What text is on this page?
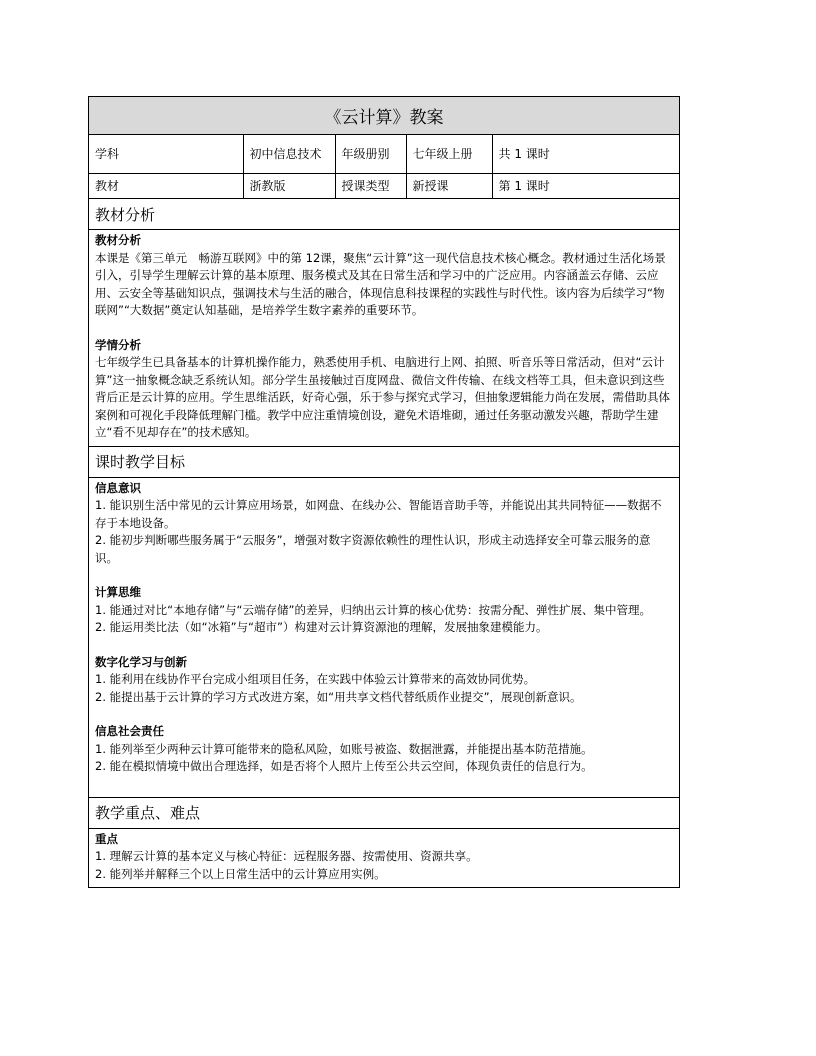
《云计算》教案
学科	初中信息技术	年级册别	七年级上册	共 1 课时
教材	浙教版	授课类型	新授课	第 1 课时
教材分析
教材分析

本课是《第三单元　畅游互联网》中的第 12课，聚焦“云计算”这一现代信息技术核心概念。教材通过生活化场景引入，引导学生理解云计算的基本原理、服务模式及其在日常生活和学习中的广泛应用。内容涵盖云存储、云应用、云安全等基础知识点，强调技术与生活的融合，体现信息科技课程的实践性与时代性。该内容为后续学习“物联网”“大数据”奠定认知基础，是培养学生数字素养的重要环节。

学情分析

七年级学生已具备基本的计算机操作能力，熟悉使用手机、电脑进行上网、拍照、听音乐等日常活动，但对“云计算”这一抽象概念缺乏系统认知。部分学生虽接触过百度网盘、微信文件传输、在线文档等工具，但未意识到这些背后正是云计算的应用。学生思维活跃，好奇心强，乐于参与探究式学习，但抽象逻辑能力尚在发展，需借助具体案例和可视化手段降低理解门槛。教学中应注重情境创设，避免术语堆砌，通过任务驱动激发兴趣，帮助学生建立“看不见却存在”的技术感知。

课时教学目标
信息意识

1. 能识别生活中常见的云计算应用场景，如网盘、在线办公、智能语音助手等，并能说出其共同特征——数据不存于本地设备。

2. 能初步判断哪些服务属于“云服务”，增强对数字资源依赖性的理性认识，形成主动选择安全可靠云服务的意识。

计算思维

1. 能通过对比“本地存储”与“云端存储”的差异，归纳出云计算的核心优势：按需分配、弹性扩展、集中管理。

2. 能运用类比法（如“冰箱”与“超市”）构建对云计算资源池的理解，发展抽象建模能力。

数字化学习与创新

1. 能利用在线协作平台完成小组项目任务，在实践中体验云计算带来的高效协同优势。

2. 能提出基于云计算的学习方式改进方案，如“用共享文档代替纸质作业提交”，展现创新意识。

信息社会责任

1. 能列举至少两种云计算可能带来的隐私风险，如账号被盗、数据泄露，并能提出基本防范措施。

2. 能在模拟情境中做出合理选择，如是否将个人照片上传至公共云空间，体现负责任的信息行为。

教学重点、难点
重点

1. 理解云计算的基本定义与核心特征：远程服务器、按需使用、资源共享。

2. 能列举并解释三个以上日常生活中的云计算应用实例。
